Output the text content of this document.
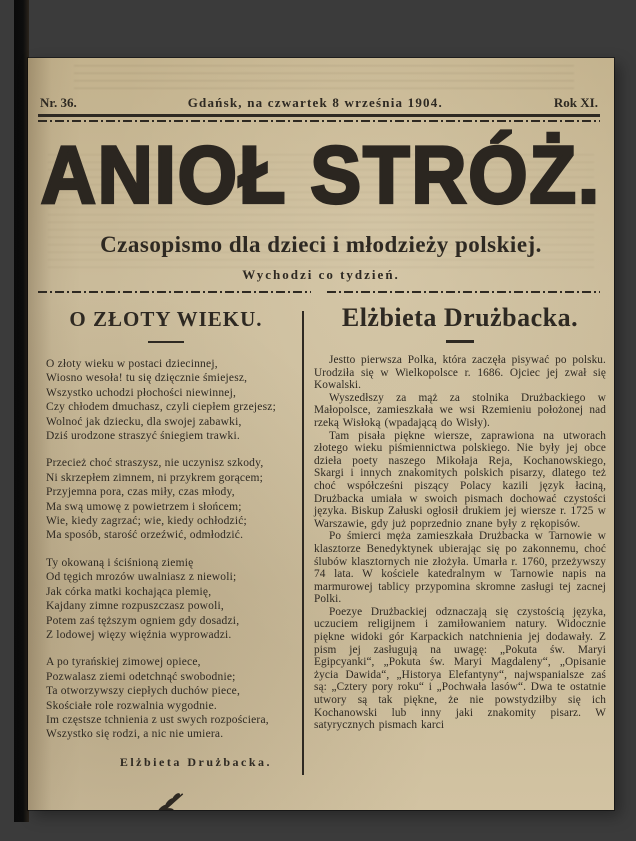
Nr. 36.	Gdańsk, na czwartek 8 września 1904.	Rok XI.
ANIOŁ STRÓŻ.
Czasopismo dla dzieci i młodzieży polskiej.
Wychodzi co tydzień.
O ZŁOTY WIEKU.
O złoty wieku w postaci dziecinnej,
Wiosno wesoła! tu się dzięcznie śmiejesz,
Wszystko uchodzi płochości niewinnej,
Czy chłodem dmuchasz, czyli ciepłem grzejesz;
Wolnoć jak dziecku, dla swojej zabawki,
Dziś urodzone straszyć śniegiem trawki.
Przecież choć straszysz, nie uczynisz szkody,
Ni skrzepłem zimnem, ni przykrem gorącem;
Przyjemna pora, czas miły, czas młody,
Ma swą umowę z powietrzem i słońcem;
Wie, kiedy zagrzać; wie, kiedy ochłodzić;
Ma sposób, starość orzeźwić, odmłodzić.
Ty okowaną i ściśnioną ziemię
Od tęgich mrozów uwalniasz z niewoli;
Jak córka matki kochająca plemię,
Kajdany zimne rozpuszczasz powoli,
Potem zaś tęższym ogniem gdy dosadzi,
Z lodowej więzy więźnia wyprowadzi.
A po tyrańskiej zimowej opiece,
Pozwalasz ziemi odetchnąć swobodnie;
Ta otworzywszy ciepłych duchów piece,
Skościałe role rozwalnia wygodnie.
Im częstsze tchnienia z ust swych rozpościera,
Wszystko się rodzi, a nic nie umiera.
Elżbieta Drużbacka.
Elżbieta Drużbacka.

Jestto pierwsza Polka, która zaczęła pisywać po polsku. Urodziła się w Wielkopolsce r. 1686. Ojciec jej zwał się Kowalski.

Wyszedłszy za mąż za stolnika Drużbackiego w Małopolsce, zamieszkała we wsi Rzemieniu położonej nad rzeką Wisłoką (wpadającą do Wisły).

Tam pisała piękne wiersze, zaprawiona na utworach złotego wieku piśmiennictwa polskiego. Nie były jej obce dzieła poety naszego Mikołaja Reja, Kochanowskiego, Skargi i innych znakomitych polskich pisarzy, dlatego też choć współcześni piszący Polacy kazili język łaciną, Drużbacka umiała w swoich pismach dochować czystości języka. Biskup Załuski ogłosił drukiem jej wiersze r. 1725 w Warszawie, gdy już poprzednio znane były z rękopisów.

Po śmierci męża zamieszkała Drużbacka w Tarnowie w klasztorze Benedyktynek ubierając się po zakonnemu, choć ślubów klasztornych nie złożyła. Umarła r. 1760, przeżywszy 74 lata. W kościele katedralnym w Tarnowie napis na marmurowej tablicy przypomina skromne zasługi tej zacnej Polki.

Poezye Drużbackiej odznaczają się czystością języka, uczuciem religijnem i zamiłowaniem natury. Widocznie piękne widoki gór Karpackich natchnienia jej dodawały. Z pism jej zasługują na uwagę: „Pokuta św. Maryi Egipcyanki“, „Pokuta św. Maryi Magdaleny“, „Opisanie życia Dawida“, „Historya Elefantyny“, najwspanialsze zaś są: „Cztery pory roku“ i „Pochwała lasów“. Dwa te ostatnie utwory są tak piękne, że nie powstydziłby się ich Kochanowski lub inny jaki znakomity pisarz. W satyrycznych pismach karci
